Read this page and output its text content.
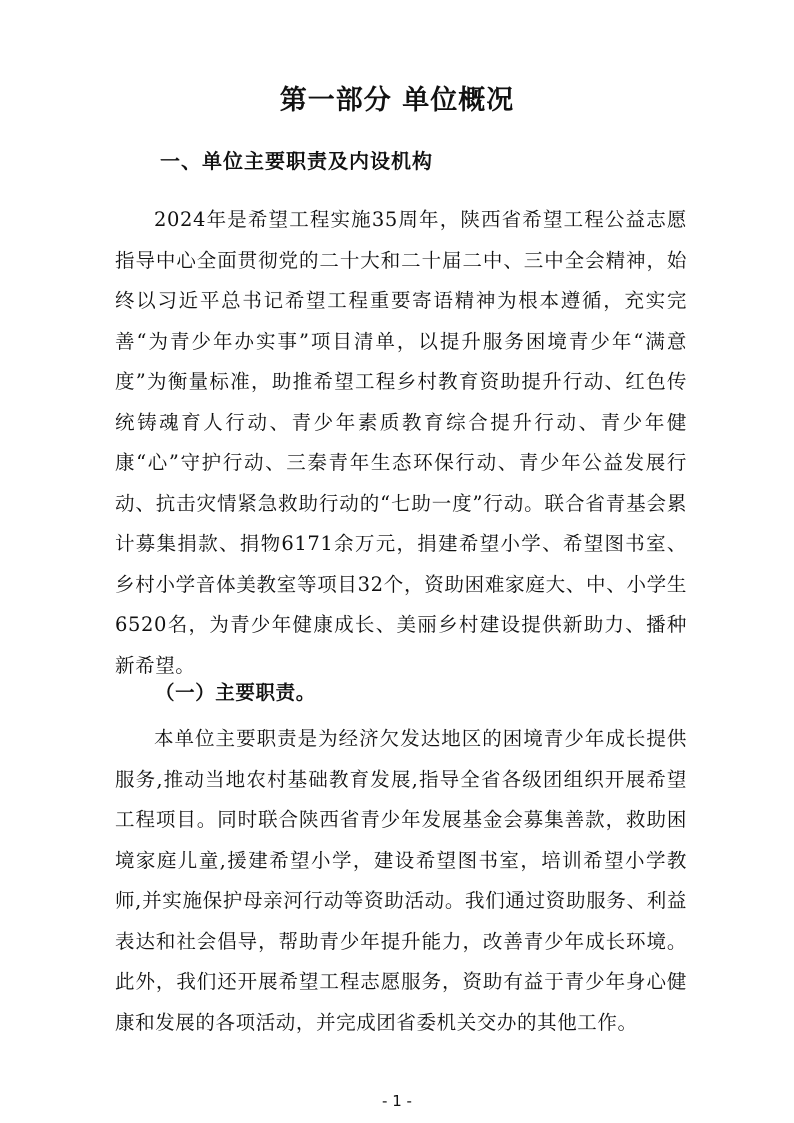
第一部分 单位概况
一、单位主要职责及内设机构

2024年是希望工程实施35周年，陕西省希望工程公益志愿指导中心全面贯彻党的二十大和二十届二中、三中全会精神，始终以习近平总书记希望工程重要寄语精神为根本遵循，充实完善“为青少年办实事”项目清单，以提升服务困境青少年“满意度”为衡量标准，助推希望工程乡村教育资助提升行动、红色传统铸魂育人行动、青少年素质教育综合提升行动、青少年健康“心”守护行动、三秦青年生态环保行动、青少年公益发展行动、抗击灾情紧急救助行动的“七助一度”行动。联合省青基会累计募集捐款、捐物6171余万元，捐建希望小学、希望图书室、乡村小学音体美教室等项目32个，资助困难家庭大、中、小学生6520名，为青少年健康成长、美丽乡村建设提供新助力、播种新希望。

（一）主要职责。

本单位主要职责是为经济欠发达地区的困境青少年成长提供服务,推动当地农村基础教育发展,指导全省各级团组织开展希望工程项目。同时联合陕西省青少年发展基金会募集善款，救助困境家庭儿童,援建希望小学，建设希望图书室，培训希望小学教师,并实施保护母亲河行动等资助活动。我们通过资助服务、利益表达和社会倡导，帮助青少年提升能力，改善青少年成长环境。此外，我们还开展希望工程志愿服务，资助有益于青少年身心健康和发展的各项活动，并完成团省委机关交办的其他工作。

- 1 -
